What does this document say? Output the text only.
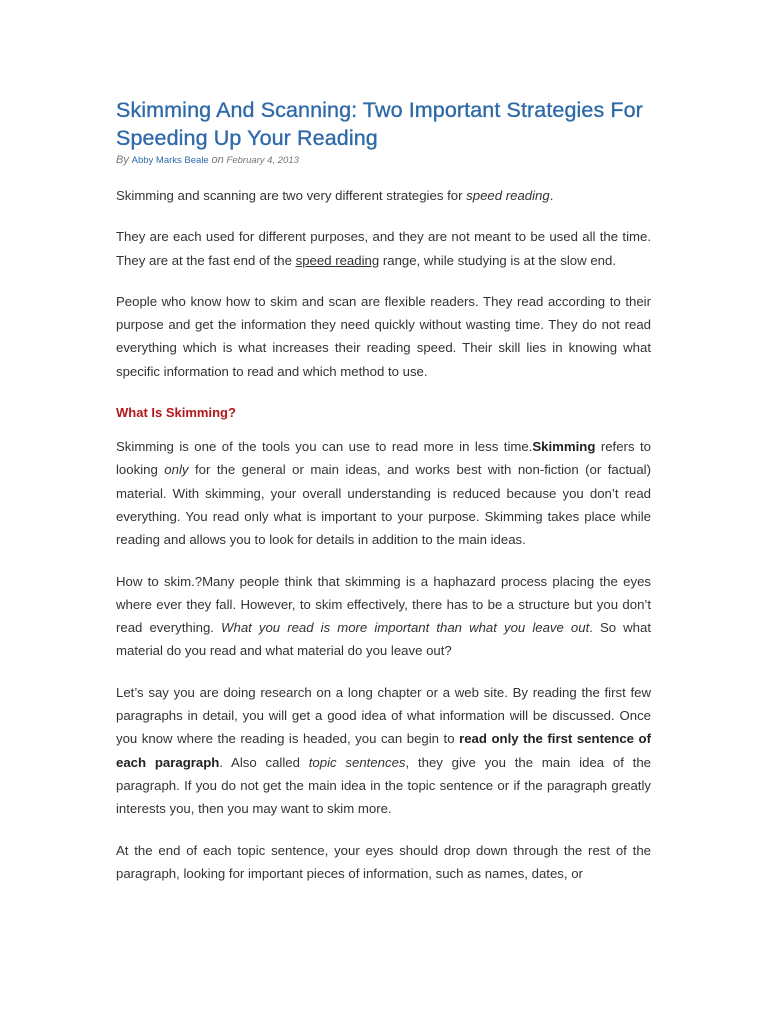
Skimming And Scanning: Two Important Strategies For Speeding Up Your Reading
By Abby Marks Beale on February 4, 2013

Skimming and scanning are two very different strategies for speed reading.

They are each used for different purposes, and they are not meant to be used all the time. They are at the fast end of the speed reading range, while studying is at the slow end.

People who know how to skim and scan are flexible readers. They read according to their purpose and get the information they need quickly without wasting time. They do not read everything which is what increases their reading speed. Their skill lies in knowing what specific information to read and which method to use.

What Is Skimming?

Skimming is one of the tools you can use to read more in less time.Skimming refers to looking only for the general or main ideas, and works best with non-fiction (or factual) material. With skimming, your overall understanding is reduced because you don’t read everything. You read only what is important to your purpose. Skimming takes place while reading and allows you to look for details in addition to the main ideas.

How to skim.?Many people think that skimming is a haphazard process placing the eyes where ever they fall. However, to skim effectively, there has to be a structure but you don’t read everything. What you read is more important than what you leave out. So what material do you read and what material do you leave out?

Let’s say you are doing research on a long chapter or a web site. By reading the first few paragraphs in detail, you will get a good idea of what information will be discussed. Once you know where the reading is headed, you can begin to read only the first sentence of each paragraph. Also called topic sentences, they give you the main idea of the paragraph. If you do not get the main idea in the topic sentence or if the paragraph greatly interests you, then you may want to skim more.

At the end of each topic sentence, your eyes should drop down through the rest of the paragraph, looking for important pieces of information, such as names, dates, or
